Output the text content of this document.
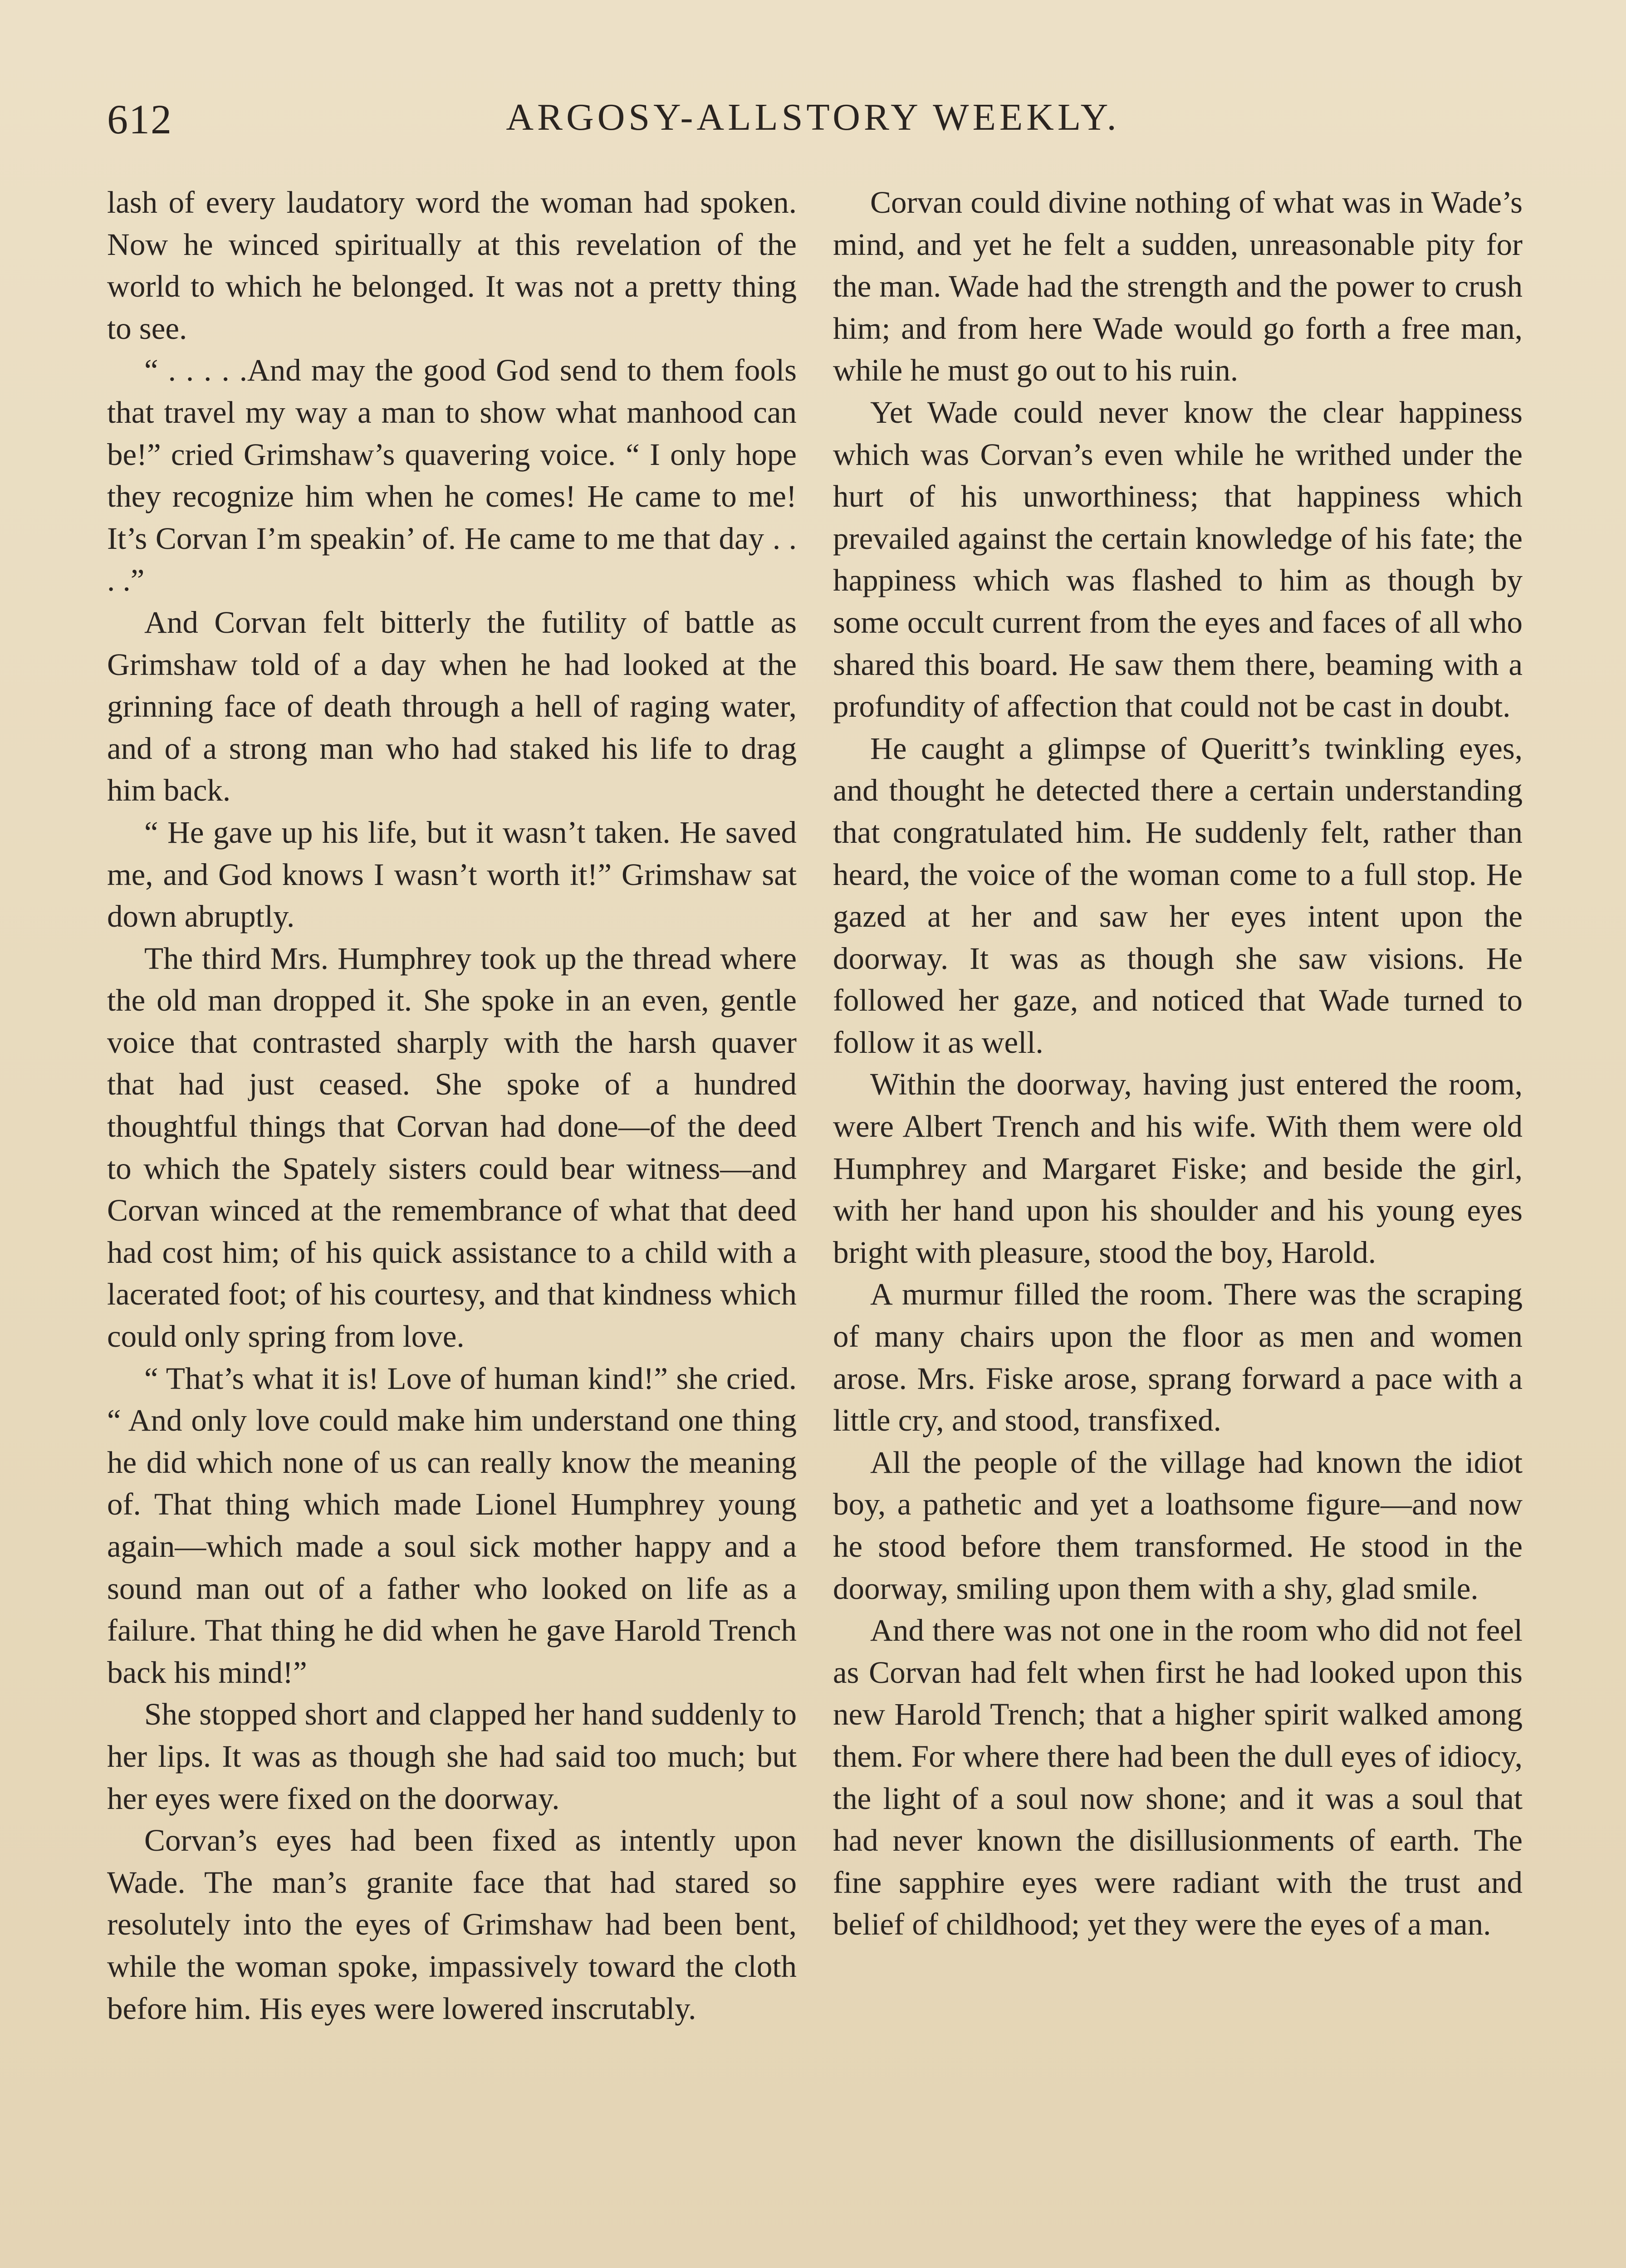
612	ARGOSY-ALLSTORY WEEKLY.

lash of every laudatory word the woman had spoken. Now he winced spiritually at this revelation of the world to which he belonged. It was not a pretty thing to see.

“ . . . . .And may the good God send to them fools that travel my way a man to show what manhood can be!” cried Grimshaw’s quavering voice. “ I only hope they recognize him when he comes! He came to me! It’s Corvan I’m speakin’ of. He came to me that day . . . .”

And Corvan felt bitterly the futility of battle as Grimshaw told of a day when he had looked at the grinning face of death through a hell of raging water, and of a strong man who had staked his life to drag him back.

“ He gave up his life, but it wasn’t taken. He saved me, and God knows I wasn’t worth it!” Grimshaw sat down abruptly.

The third Mrs. Humphrey took up the thread where the old man dropped it. She spoke in an even, gentle voice that contrasted sharply with the harsh quaver that had just ceased. She spoke of a hundred thoughtful things that Corvan had done—of the deed to which the Spately sisters could bear witness—and Corvan winced at the remembrance of what that deed had cost him; of his quick assistance to a child with a lacerated foot; of his courtesy, and that kindness which could only spring from love.

“ That’s what it is! Love of human kind!” she cried. “ And only love could make him understand one thing he did which none of us can really know the meaning of. That thing which made Lionel Humphrey young again—which made a soul sick mother happy and a sound man out of a father who looked on life as a failure. That thing he did when he gave Harold Trench back his mind!”

She stopped short and clapped her hand suddenly to her lips. It was as though she had said too much; but her eyes were fixed on the doorway.

Corvan’s eyes had been fixed as intently upon Wade. The man’s granite face that had stared so resolutely into the eyes of Grimshaw had been bent, while the woman spoke, impassively toward the cloth before him. His eyes were lowered inscrutably.

Corvan could divine nothing of what was in Wade’s mind, and yet he felt a sudden, unreasonable pity for the man. Wade had the strength and the power to crush him; and from here Wade would go forth a free man, while he must go out to his ruin.

Yet Wade could never know the clear happiness which was Corvan’s even while he writhed under the hurt of his unworthiness; that happiness which prevailed against the certain knowledge of his fate; the happiness which was flashed to him as though by some occult current from the eyes and faces of all who shared this board. He saw them there, beaming with a profundity of affection that could not be cast in doubt.

He caught a glimpse of Queritt’s twinkling eyes, and thought he detected there a certain understanding that congratulated him. He suddenly felt, rather than heard, the voice of the woman come to a full stop. He gazed at her and saw her eyes intent upon the doorway. It was as though she saw visions. He followed her gaze, and noticed that Wade turned to follow it as well.

Within the doorway, having just entered the room, were Albert Trench and his wife. With them were old Humphrey and Margaret Fiske; and beside the girl, with her hand upon his shoulder and his young eyes bright with pleasure, stood the boy, Harold.

A murmur filled the room. There was the scraping of many chairs upon the floor as men and women arose. Mrs. Fiske arose, sprang forward a pace with a little cry, and stood, transfixed.

All the people of the village had known the idiot boy, a pathetic and yet a loathsome figure—and now he stood before them transformed. He stood in the doorway, smiling upon them with a shy, glad smile.

And there was not one in the room who did not feel as Corvan had felt when first he had looked upon this new Harold Trench; that a higher spirit walked among them. For where there had been the dull eyes of idiocy, the light of a soul now shone; and it was a soul that had never known the disillusionments of earth. The fine sapphire eyes were radiant with the trust and belief of childhood; yet they were the eyes of a man.
